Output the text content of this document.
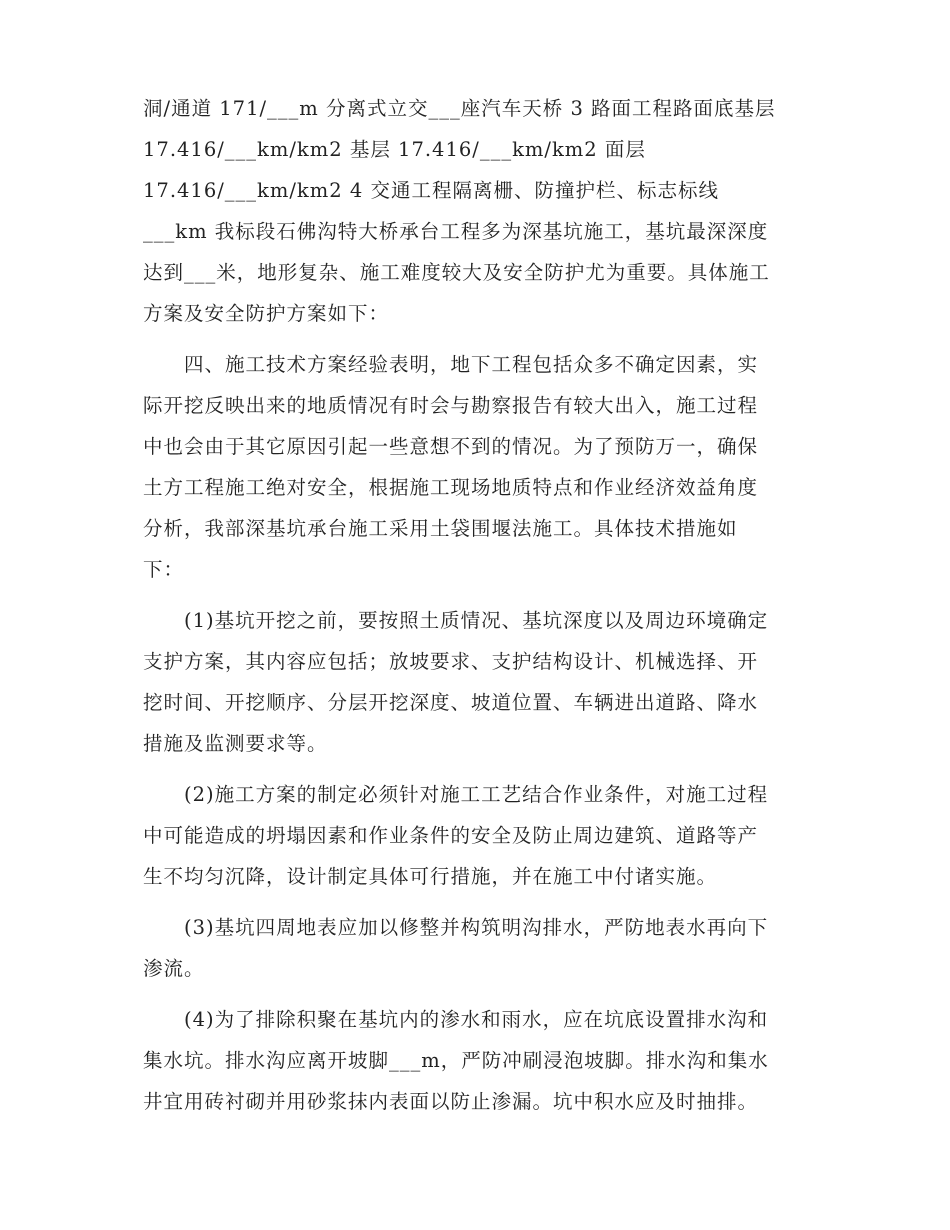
洞/通道 171/___m 分离式立交___座汽车天桥 3 路面工程路面底基层
17.416/___km/km2 基层 17.416/___km/km2 面层
17.416/___km/km2 4 交通工程隔离栅、防撞护栏、标志标线
___km 我标段石佛沟特大桥承台工程多为深基坑施工，基坑最深深度
达到___米，地形复杂、施工难度较大及安全防护尤为重要。具体施工
方案及安全防护方案如下：
四、施工技术方案经验表明，地下工程包括众多不确定因素，实
际开挖反映出来的地质情况有时会与勘察报告有较大出入，施工过程
中也会由于其它原因引起一些意想不到的情况。为了预防万一，确保
土方工程施工绝对安全，根据施工现场地质特点和作业经济效益角度
分析，我部深基坑承台施工采用土袋围堰法施工。具体技术措施如
下：
(1)基坑开挖之前，要按照土质情况、基坑深度以及周边环境确定
支护方案，其内容应包括；放坡要求、支护结构设计、机械选择、开
挖时间、开挖顺序、分层开挖深度、坡道位置、车辆进出道路、降水
措施及监测要求等。
(2)施工方案的制定必须针对施工工艺结合作业条件，对施工过程
中可能造成的坍塌因素和作业条件的安全及防止周边建筑、道路等产
生不均匀沉降，设计制定具体可行措施，并在施工中付诸实施。
(3)基坑四周地表应加以修整并构筑明沟排水，严防地表水再向下
渗流。
(4)为了排除积聚在基坑内的渗水和雨水，应在坑底设置排水沟和
集水坑。排水沟应离开坡脚___m，严防冲刷浸泡坡脚。排水沟和集水
井宜用砖衬砌并用砂浆抹内表面以防止渗漏。坑中积水应及时抽排。
